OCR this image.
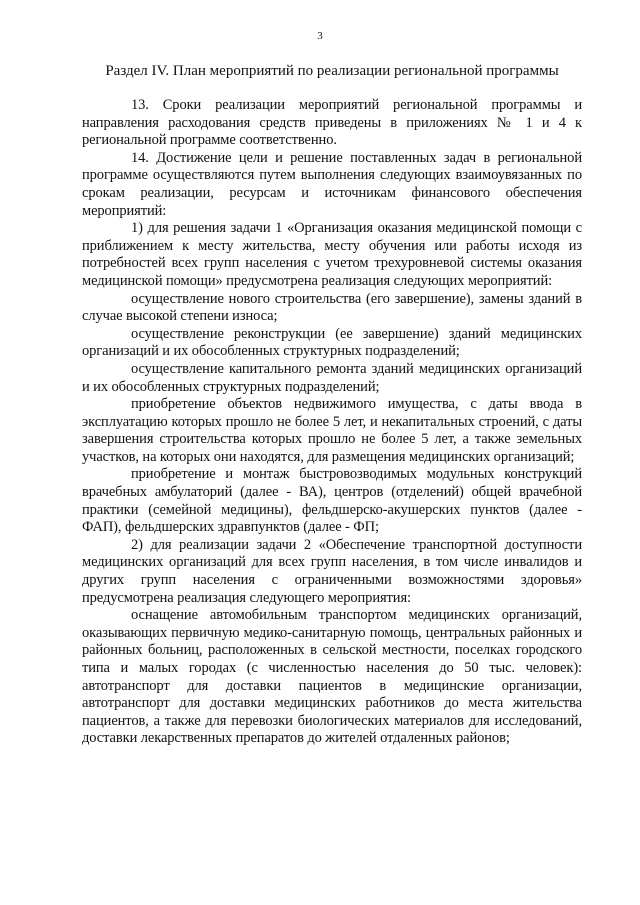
3
Раздел IV. План мероприятий по реализации региональной программы

13. Сроки реализации мероприятий региональной программы и направления расходования средств приведены в приложениях № 1 и 4 к региональной программе соответственно.

14. Достижение цели и решение поставленных задач в региональной программе осуществляются путем выполнения следующих взаимоувязанных по срокам реализации, ресурсам и источникам финансового обеспечения мероприятий:

1) для решения задачи 1 «Организация оказания медицинской помощи с приближением к месту жительства, месту обучения или работы исходя из потребностей всех групп населения с учетом трехуровневой системы оказания медицинской помощи» предусмотрена реализация следующих мероприятий:

осуществление нового строительства (его завершение), замены зданий в случае высокой степени износа;

осуществление реконструкции (ее завершение) зданий медицинских организаций и их обособленных структурных подразделений;

осуществление капитального ремонта зданий медицинских организаций и их обособленных структурных подразделений;

приобретение объектов недвижимого имущества, с даты ввода в эксплуатацию которых прошло не более 5 лет, и некапитальных строений, с даты завершения строительства которых прошло не более 5 лет, а также земельных участков, на которых они находятся, для размещения медицинских организаций;

приобретение и монтаж быстровозводимых модульных конструкций врачебных амбулаторий (далее - ВА), центров (отделений) общей врачебной практики (семейной медицины), фельдшерско-акушерских пунктов (далее - ФАП), фельдшерских здравпунктов (далее - ФП;

2) для реализации задачи 2 «Обеспечение транспортной доступности медицинских организаций для всех групп населения, в том числе инвалидов и других групп населения с ограниченными возможностями здоровья» предусмотрена реализация следующего мероприятия:

оснащение автомобильным транспортом медицинских организаций, оказывающих первичную медико-санитарную помощь, центральных районных и районных больниц, расположенных в сельской местности, поселках городского типа и малых городах (с численностью населения до 50 тыс. человек): автотранспорт для доставки пациентов в медицинские организации, автотранспорт для доставки медицинских работников до места жительства пациентов, а также для перевозки биологических материалов для исследований, доставки лекарственных препаратов до жителей отдаленных районов;
